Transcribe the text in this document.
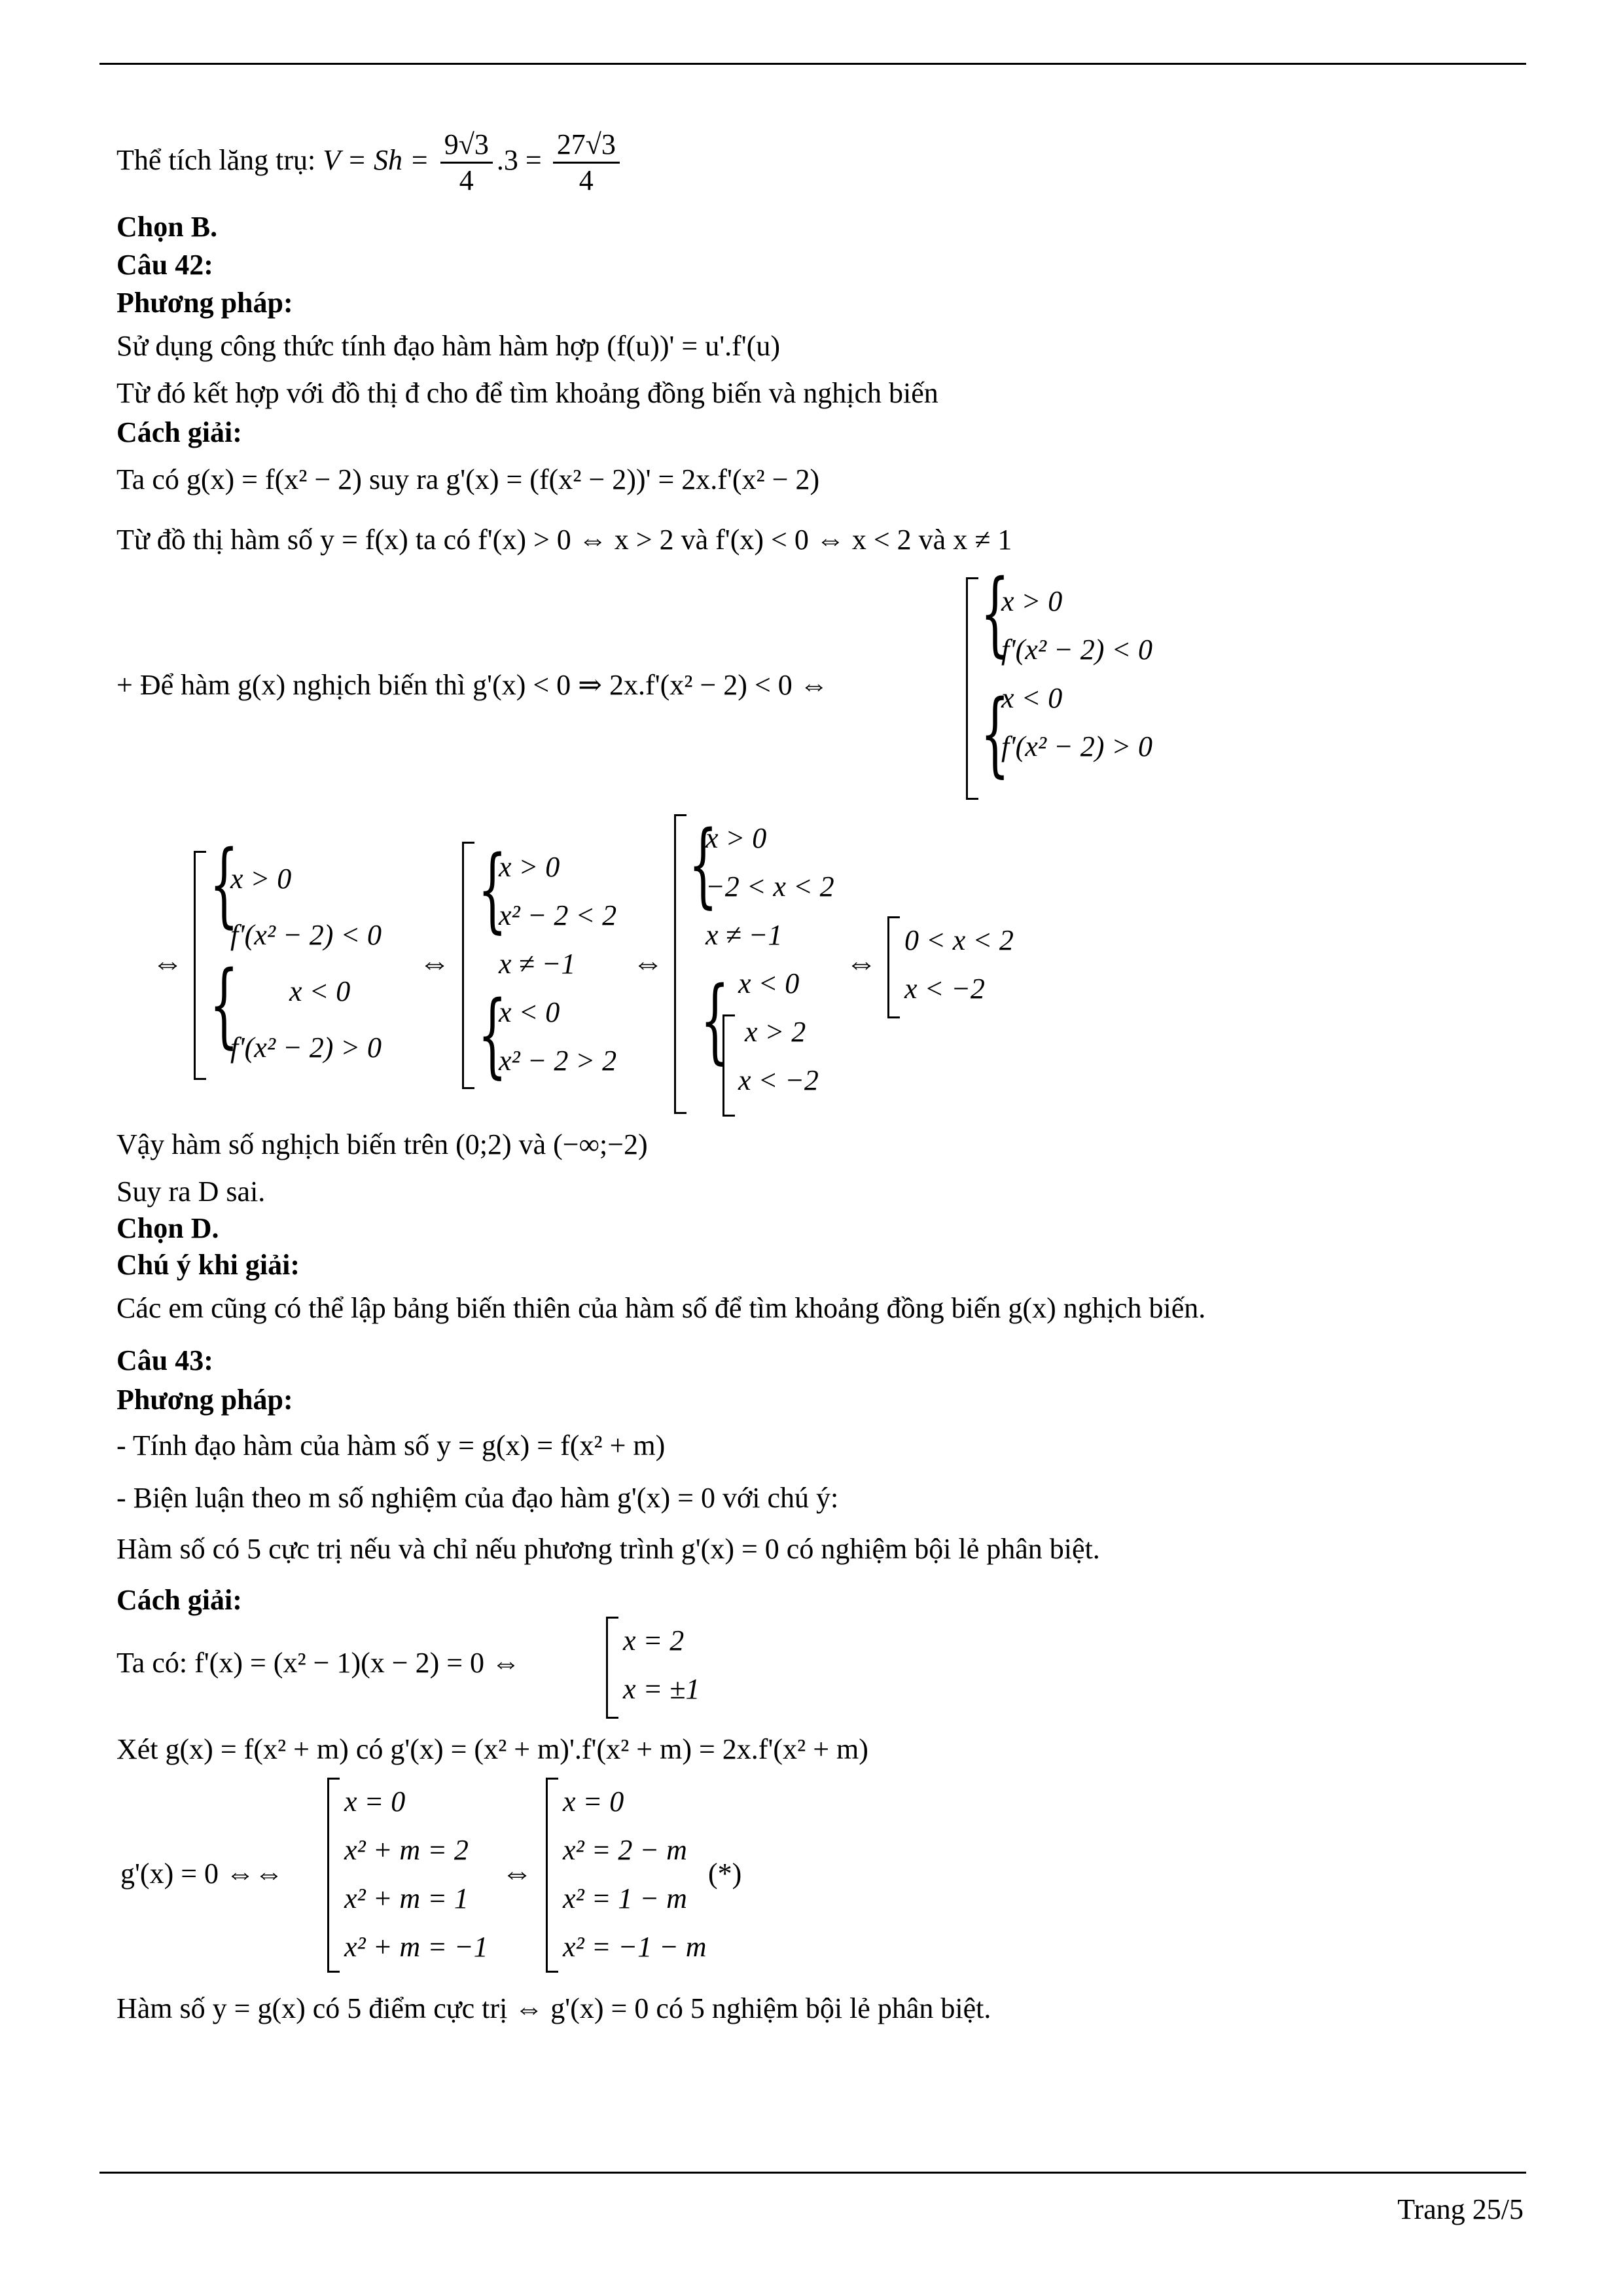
Thể tích lăng trụ: $V = Sh = \frac{9√3}{4} .3 = \frac{27√3}{4}$
Chọn B.
Câu 42:
Phương pháp:
Sử dụng công thức tính đạo hàm hàm hợp (f(u))' = u'.f'(u)
Từ đó kết hợp với đồ thị đ cho để tìm khoảng đồng biến và nghịch biến
Cách giải:
Ta có g(x) = f(x² − 2) suy ra g'(x) = (f(x² − 2))' = 2x.f'(x² − 2)
Từ đồ thị hàm số y = f(x) ta có f'(x) > 0 ⇔ x > 2 và f'(x) < 0 ⇔ x < 2 và x ≠ 1
+ Để hàm g(x) nghịch biến thì g'(x) < 0 ⇒ 2x.f'(x² − 2) < 0 ⇔
{
{
x > 0
f'(x² − 2) < 0
x < 0
f'(x² − 2) > 0
⇔
{
{
x > 0
f'(x² − 2) < 0
x < 0
f'(x² − 2) > 0
⇔
{
{
x > 0
x² − 2 < 2
x ≠ −1
x < 0
x² − 2 > 2
⇔
{
{
x > 0
−2 < x < 2
x ≠ −1
x < 0
x > 2
x < −2
⇔
0 < x < 2
x < −2
Vậy hàm số nghịch biến trên (0;2) và (−∞;−2)
Suy ra D sai.
Chọn D.
Chú ý khi giải:
Các em cũng có thể lập bảng biến thiên của hàm số để tìm khoảng đồng biến g(x) nghịch biến.
Câu 43:
Phương pháp:
- Tính đạo hàm của hàm số y = g(x) = f(x² + m)
- Biện luận theo m số nghiệm của đạo hàm g'(x) = 0 với chú ý:
Hàm số có 5 cực trị nếu và chỉ nếu phương trình g'(x) = 0 có nghiệm bội lẻ phân biệt.
Cách giải:
Ta có: f'(x) = (x² − 1)(x − 2) = 0 ⇔
x = 2
x = ±1
Xét g(x) = f(x² + m) có g'(x) = (x² + m)'.f'(x² + m) = 2x.f'(x² + m)
g'(x) = 0 ⇔⇔
x = 0
x² + m = 2
x² + m = 1
x² + m = −1
⇔
x = 0
x² = 2 − m
x² = 1 − m
x² = −1 − m
(*)
Hàm số y = g(x) có 5 điểm cực trị ⇔ g'(x) = 0 có 5 nghiệm bội lẻ phân biệt.
Trang 25/5
